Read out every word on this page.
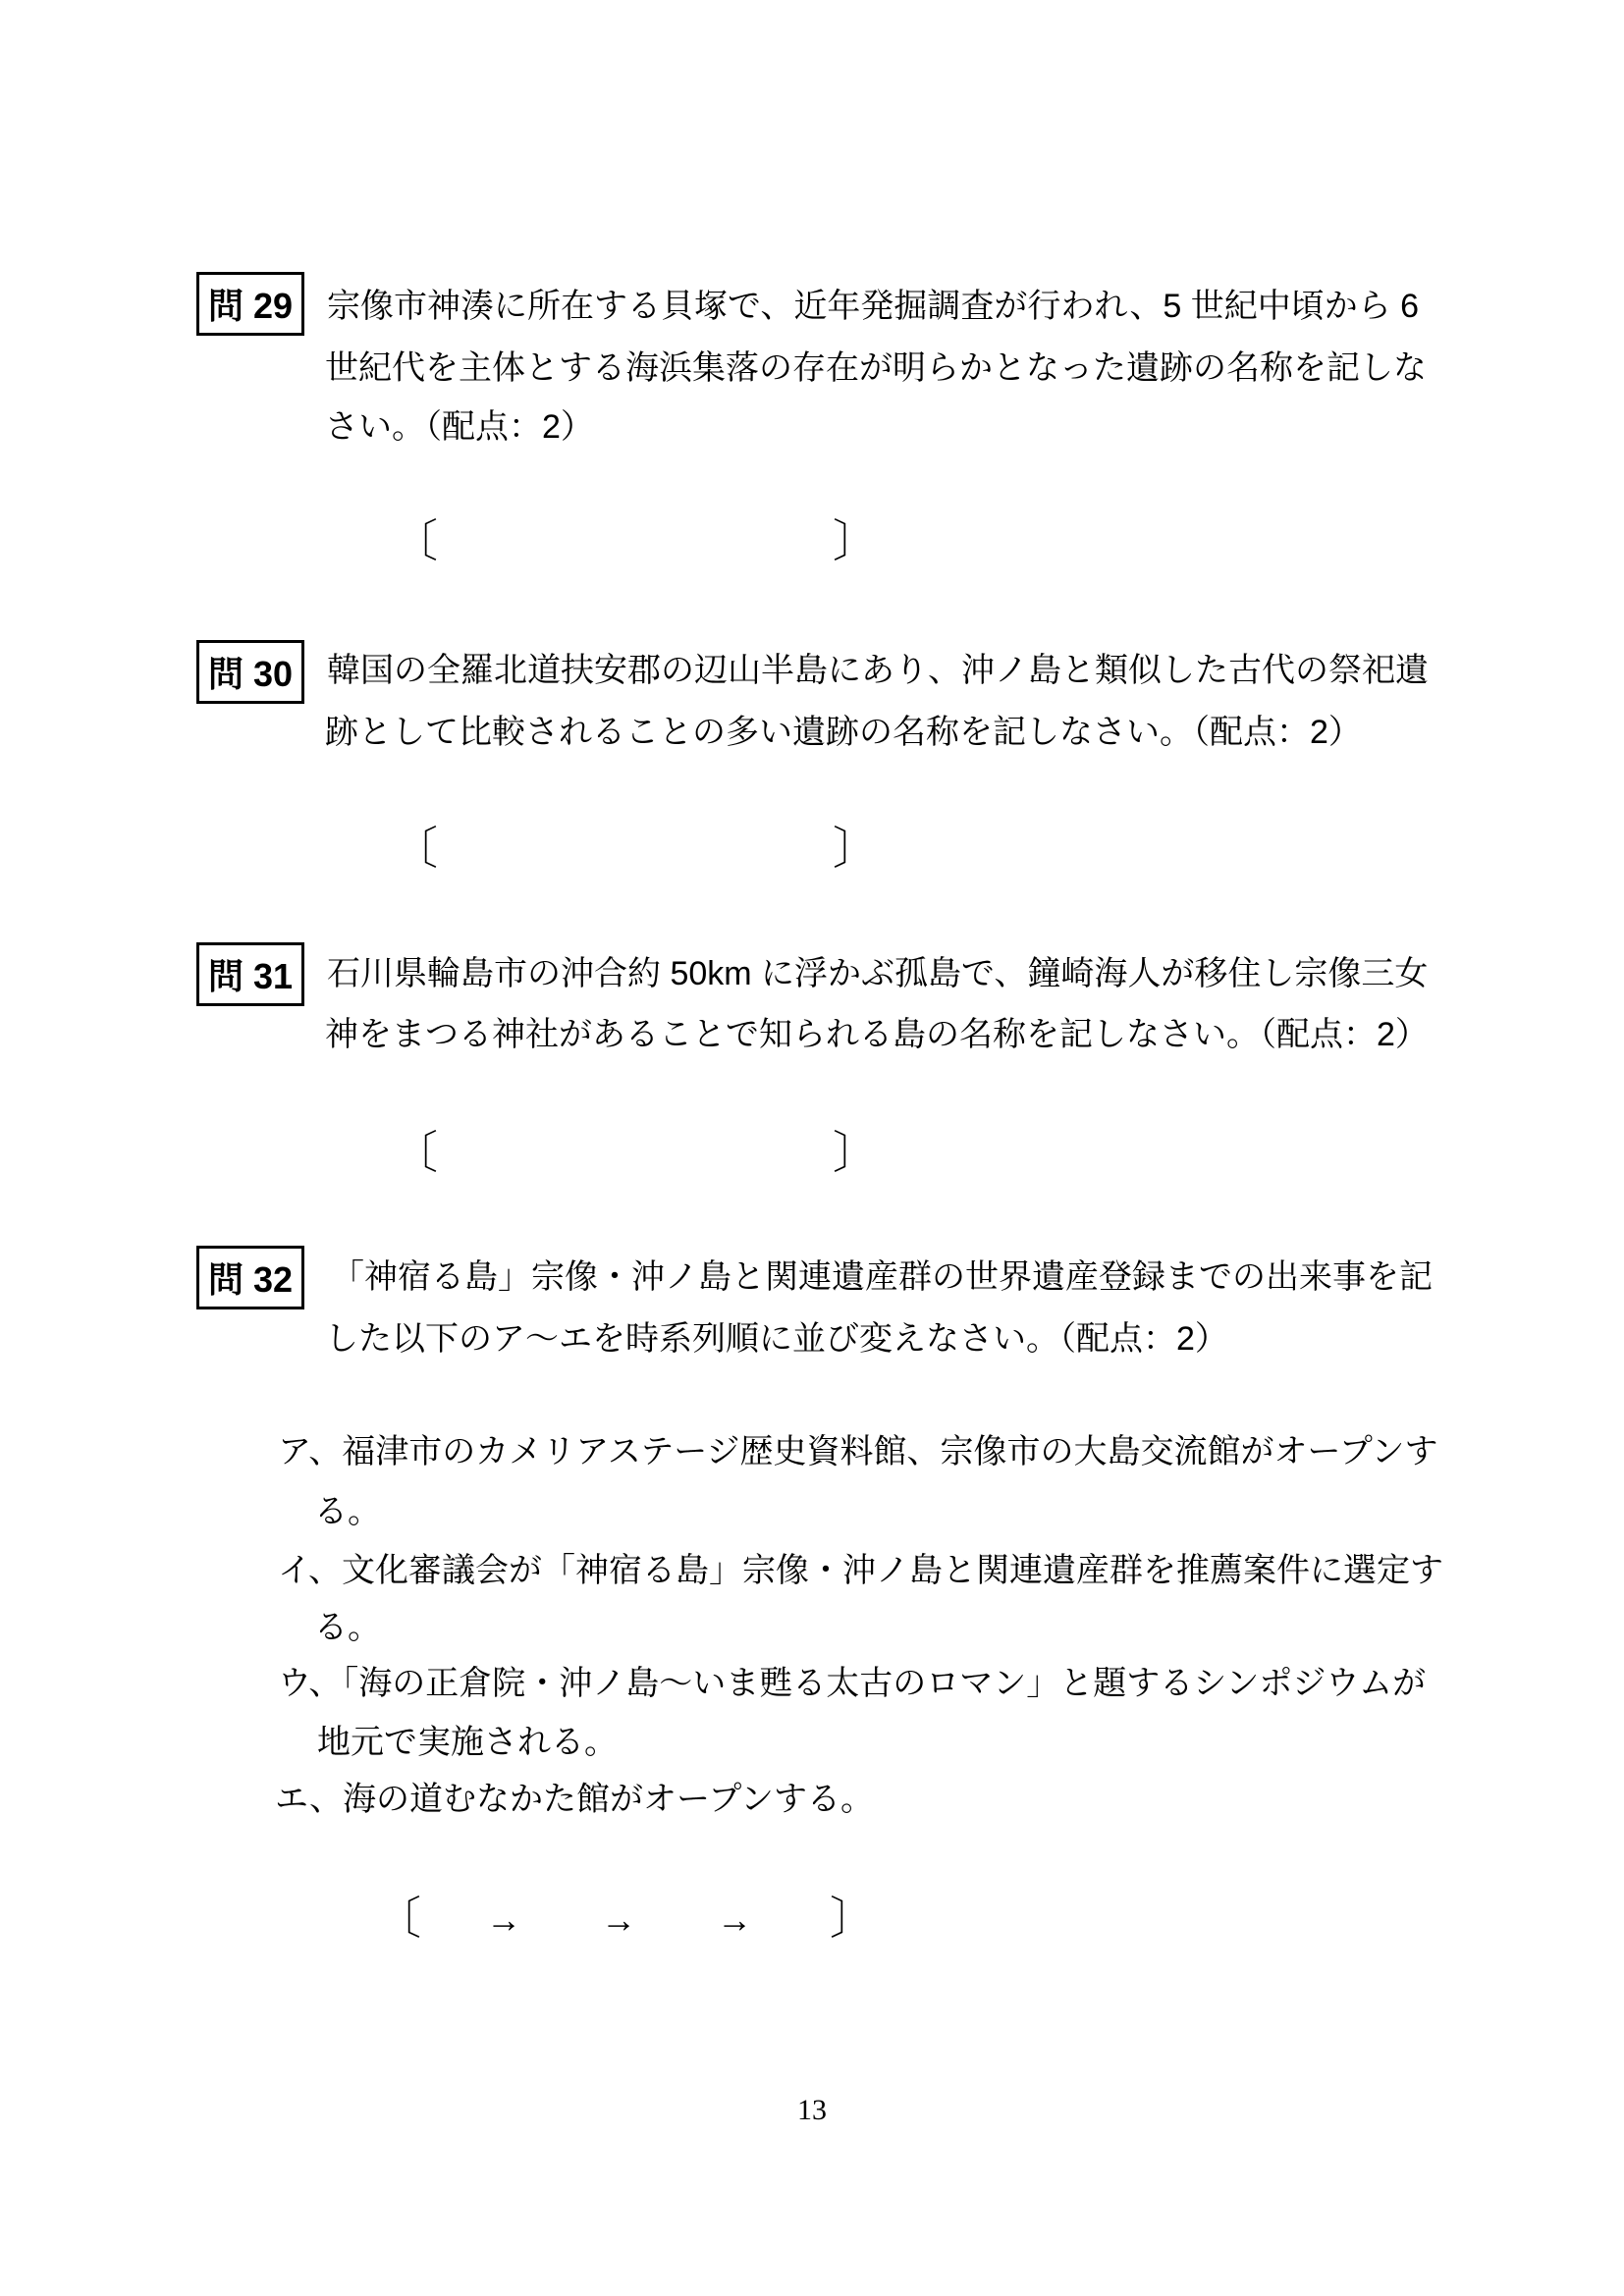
問 29 宗像市神湊に所在する貝塚で、近年発掘調査が行われ、5 世紀中頃から 6
世紀代を主体とする海浜集落の存在が明らかとなった遺跡の名称を記しな
さい。（配点：2）
〔	〕
問 30 韓国の全羅北道扶安郡の辺山半島にあり、沖ノ島と類似した古代の祭祀遺
跡として比較されることの多い遺跡の名称を記しなさい。（配点：2）
〔	〕
問 31 石川県輪島市の沖合約 50km に浮かぶ孤島で、鐘崎海人が移住し宗像三女
神をまつる神社があることで知られる島の名称を記しなさい。（配点：2）
〔	〕
問 32 「神宿る島」宗像・沖ノ島と関連遺産群の世界遺産登録までの出来事を記
した以下のア～エを時系列順に並び変えなさい。（配点：2）
ア、福津市のカメリアステージ歴史資料館、宗像市の大島交流館がオープンす
る。
イ、文化審議会が「神宿る島」宗像・沖ノ島と関連遺産群を推薦案件に選定す
る。
ウ、「海の正倉院・沖ノ島～いま甦る太古のロマン」と題するシンポジウムが
地元で実施される。
エ、海の道むなかた館がオープンする。
〔 → → → 〕
13
